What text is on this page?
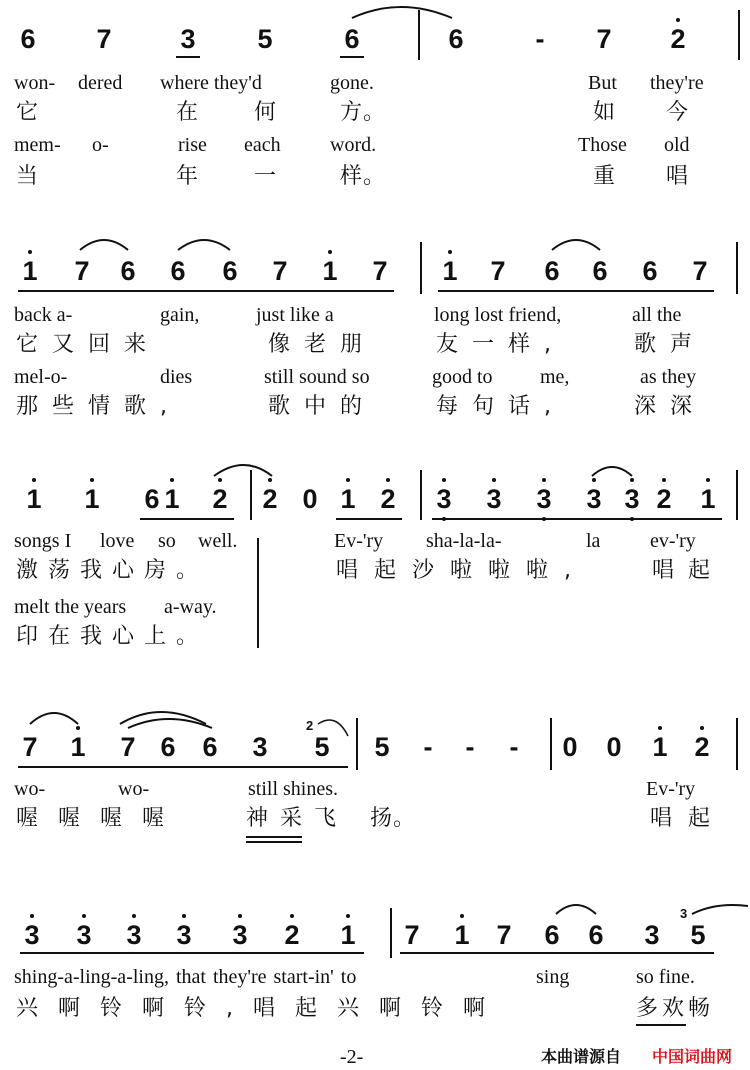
6 7	3 5	6	6	- 7 2
won- dered where they'd	gone.	But they're
它	在 何	方。	如 今
mem- o-	rise each word.	Those old
当	年 一	样。	重 唱
1 7 6 6 6 7 1 7 1 7 6 6 6 7
back a-	gain,	just like a	long lost friend,	all the
它又回来	像老朋	友一样,	歌声
mel-o-	dies	still sound so	good to me,	as they
那些情歌,	歌中的	每句话,	深深
1 1 6 1 2 2 0 1 2 3 3 3 3 3 2 1
songs I love so well.	Ev-'ry sha-la-la-	la ev-'ry
激荡我心房。	唱起沙啦啦啦,	唱起
melt the years a-way.
印在我心上。
7 1 7 6 6 3
2
5 5 - - - 0 0 1 2
wo-	wo-	still shines.	Ev-'ry
喔喔喔喔	神采飞 扬。	唱起
3 3 3 3 3 2 1 7 1 7 6 6 3
3
5
shing-a-ling-a-ling, that they're start-in' to	sing	so fine.
兴啊铃啊铃,唱起兴啊铃啊	多欢畅
-2-	本曲谱源自 中国词曲网
